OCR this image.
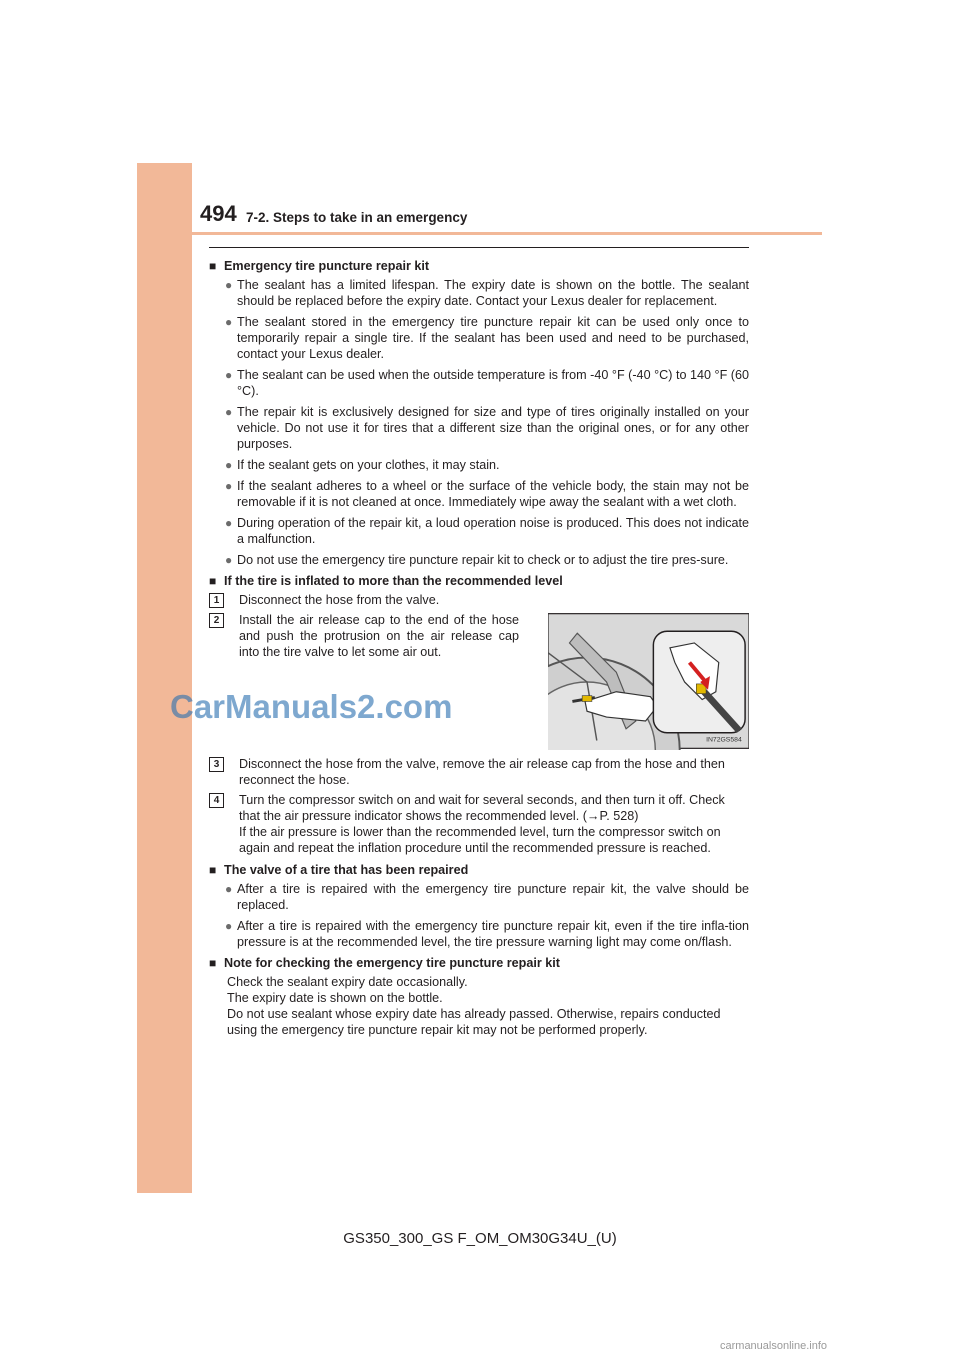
494 7-2. Steps to take in an emergency
■ Emergency tire puncture repair kit
● The sealant has a limited lifespan. The expiry date is shown on the bottle. The sealant should be replaced before the expiry date. Contact your Lexus dealer for replacement.
● The sealant stored in the emergency tire puncture repair kit can be used only once to temporarily repair a single tire. If the sealant has been used and need to be purchased, contact your Lexus dealer.
● The sealant can be used when the outside temperature is from -40 °F (-40 °C) to 140 °F (60 °C).
● The repair kit is exclusively designed for size and type of tires originally installed on your vehicle. Do not use it for tires that a different size than the original ones, or for any other purposes.
● If the sealant gets on your clothes, it may stain.
● If the sealant adheres to a wheel or the surface of the vehicle body, the stain may not be removable if it is not cleaned at once. Immediately wipe away the sealant with a wet cloth.
● During operation of the repair kit, a loud operation noise is produced. This does not indicate a malfunction.
● Do not use the emergency tire puncture repair kit to check or to adjust the tire pres-sure.
■ If the tire is inflated to more than the recommended level
1	Disconnect the hose from the valve.
2	Install the air release cap to the end of the hose and push the protrusion on the air release cap into the tire valve to let some air out.
IN72GS584
3	Disconnect the hose from the valve, remove the air release cap from the hose and then reconnect the hose.
4	Turn the compressor switch on and wait for several seconds, and then turn it off. Check that the air pressure indicator shows the recommended level. (→P. 528)
If the air pressure is lower than the recommended level, turn the compressor switch on again and repeat the inflation procedure until the recommended pressure is reached.
■ The valve of a tire that has been repaired
● After a tire is repaired with the emergency tire puncture repair kit, the valve should be replaced.
● After a tire is repaired with the emergency tire puncture repair kit, even if the tire infla-tion pressure is at the recommended level, the tire pressure warning light may come on/flash.
■ Note for checking the emergency tire puncture repair kit
Check the sealant expiry date occasionally.
The expiry date is shown on the bottle.
Do not use sealant whose expiry date has already passed. Otherwise, repairs conducted using the emergency tire puncture repair kit may not be performed properly.
CarManuals2.com
GS350_300_GS F_OM_OM30G34U_(U)
carmanualsonline.info
